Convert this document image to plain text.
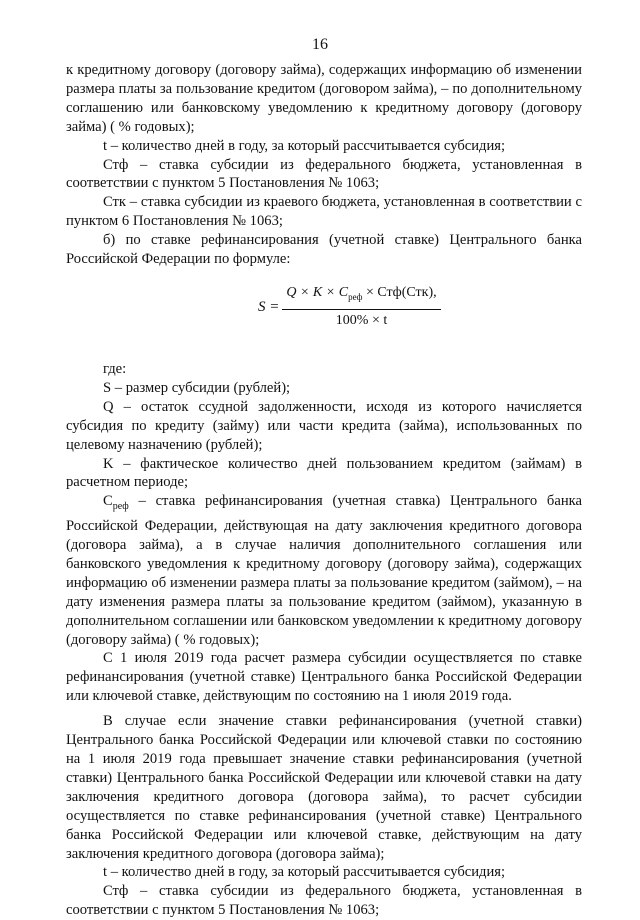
16

к кредитному договору (договору займа), содержащих информацию об изменении размера платы за пользование кредитом (договором займа), – по дополнительному соглашению или банковскому уведомлению к кредитному договору (договору займа) ( % годовых);

t – количество дней в году, за который рассчитывается субсидия;

Стф – ставка субсидии из федерального бюджета, установленная в соответствии с пунктом 5 Постановления № 1063;

Стк – ставка субсидии из краевого бюджета, установленная в соответствии с пунктом 6 Постановления № 1063;

б) по ставке рефинансирования (учетной ставке) Центрального банка Российской Федерации по формуле:

$S = \frac{Q \times K \times C_{реф} \times Стф(Стк),}{100\% \times t}$

где:

S – размер субсидии (рублей);

Q – остаток ссудной задолженности, исходя из которого начисляется субсидия по кредиту (займу) или части кредита (займа), использованных по целевому назначению (рублей);

K – фактическое количество дней пользованием кредитом (займам) в расчетном периоде;

$С_{реф}$ – ставка рефинансирования (учетная ставка) Центрального банка Российской Федерации, действующая на дату заключения кредитного договора (договора займа), а в случае наличия дополнительного соглашения или банковского уведомления к кредитному договору (договору займа), содержащих информацию об изменении размера платы за пользование кредитом (займом), – на дату изменения размера платы за пользование кредитом (займом), указанную в дополнительном соглашении или банковском уведомлении к кредитному договору (договору займа) ( % годовых);

С 1 июля 2019 года расчет размера субсидии осуществляется по ставке рефинансирования (учетной ставке) Центрального банка Российской Федерации или ключевой ставке, действующим по состоянию на 1 июля 2019 года.

В случае если значение ставки рефинансирования (учетной ставки) Центрального банка Российской Федерации или ключевой ставки по состоянию на 1 июля 2019 года превышает значение ставки рефинансирования (учетной ставки) Центрального банка Российской Федерации или ключевой ставки на дату заключения кредитного договора (договора займа), то расчет субсидии осуществляется по ставке рефинансирования (учетной ставке) Центрального банка Российской Федерации или ключевой ставке, действующим на дату заключения кредитного договора (договора займа);

t – количество дней в году, за который рассчитывается субсидия;

Стф – ставка субсидии из федерального бюджета, установленная в соответствии с пунктом 5 Постановления № 1063;
